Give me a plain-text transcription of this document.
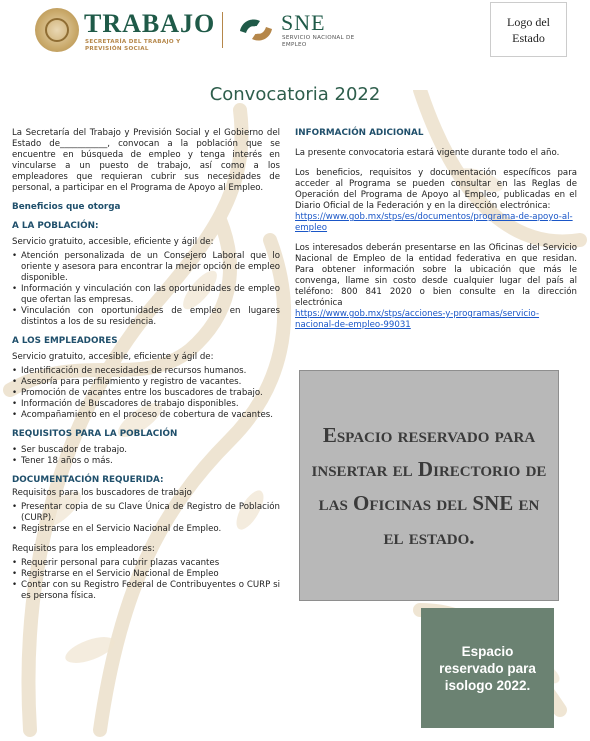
TRABAJO
SECRETARÍA DEL TRABAJO Y PREVISIÓN SOCIAL
SNE
SERVICIO NACIONAL DE EMPLEO
Logo del Estado
Convocatoria 2022

La Secretaría del Trabajo y Previsión Social y el Gobierno del Estado de___________, convocan a la población que se encuentre en búsqueda de empleo y tenga interés en vincularse a un puesto de trabajo, así como a los empleadores que requieran cubrir sus necesidades de personal, a participar en el Programa de Apoyo al Empleo.

Beneficios que otorga
A LA POBLACIÓN:

Servicio gratuito, accesible, eficiente y ágil de:

• Atención personalizada de un Consejero Laboral que lo oriente y asesora para encontrar la mejor opción de empleo disponible.
• Información y vinculación con las oportunidades de empleo que ofertan las empresas.
• Vinculación con oportunidades de empleo en lugares distintos a los de su residencia.
A LOS EMPLEADORES

Servicio gratuito, accesible, eficiente y ágil de:

• Identificación de necesidades de recursos humanos.
• Asesoría para perfilamiento y registro de vacantes.
• Promoción de vacantes entre los buscadores de trabajo.
• Información de Buscadores de trabajo disponibles.
• Acompañamiento en el proceso de cobertura de vacantes.
REQUISITOS PARA LA POBLACIÓN
• Ser buscador de trabajo.
• Tener 18 años o más.
DOCUMENTACIÓN REQUERIDA:

Requisitos para los buscadores de trabajo

• Presentar copia de su Clave Única de Registro de Población (CURP).
• Registrarse en el Servicio Nacional de Empleo.

Requisitos para los empleadores:

• Requerir personal para cubrir plazas vacantes
• Registrarse en el Servicio Nacional de Empleo
• Contar con su Registro Federal de Contribuyentes o CURP si es persona física.
INFORMACIÓN ADICIONAL

La presente convocatoria estará vigente durante todo el año.

Los beneficios, requisitos y documentación específicos para acceder al Programa se pueden consultar en las Reglas de Operación del Programa de Apoyo al Empleo, publicadas en el Diario Oficial de la Federación y en la dirección electrónica:

https://www.gob.mx/stps/es/documentos/programa-de-apoyo-al-empleo

Los interesados deberán presentarse en las Oficinas del Servicio Nacional de Empleo de la entidad federativa en que residan. Para obtener información sobre la ubicación que más le convenga, llame sin costo desde cualquier lugar del país al teléfono: 800 841 2020 o bien consulte en la dirección electrónica

https://www.gob.mx/stps/acciones-y-programas/servicio-nacional-de-empleo-99031

Espacio reservado para insertar el Directorio de las Oficinas del SNE en el estado.
Espacio reservado para isologo 2022.
